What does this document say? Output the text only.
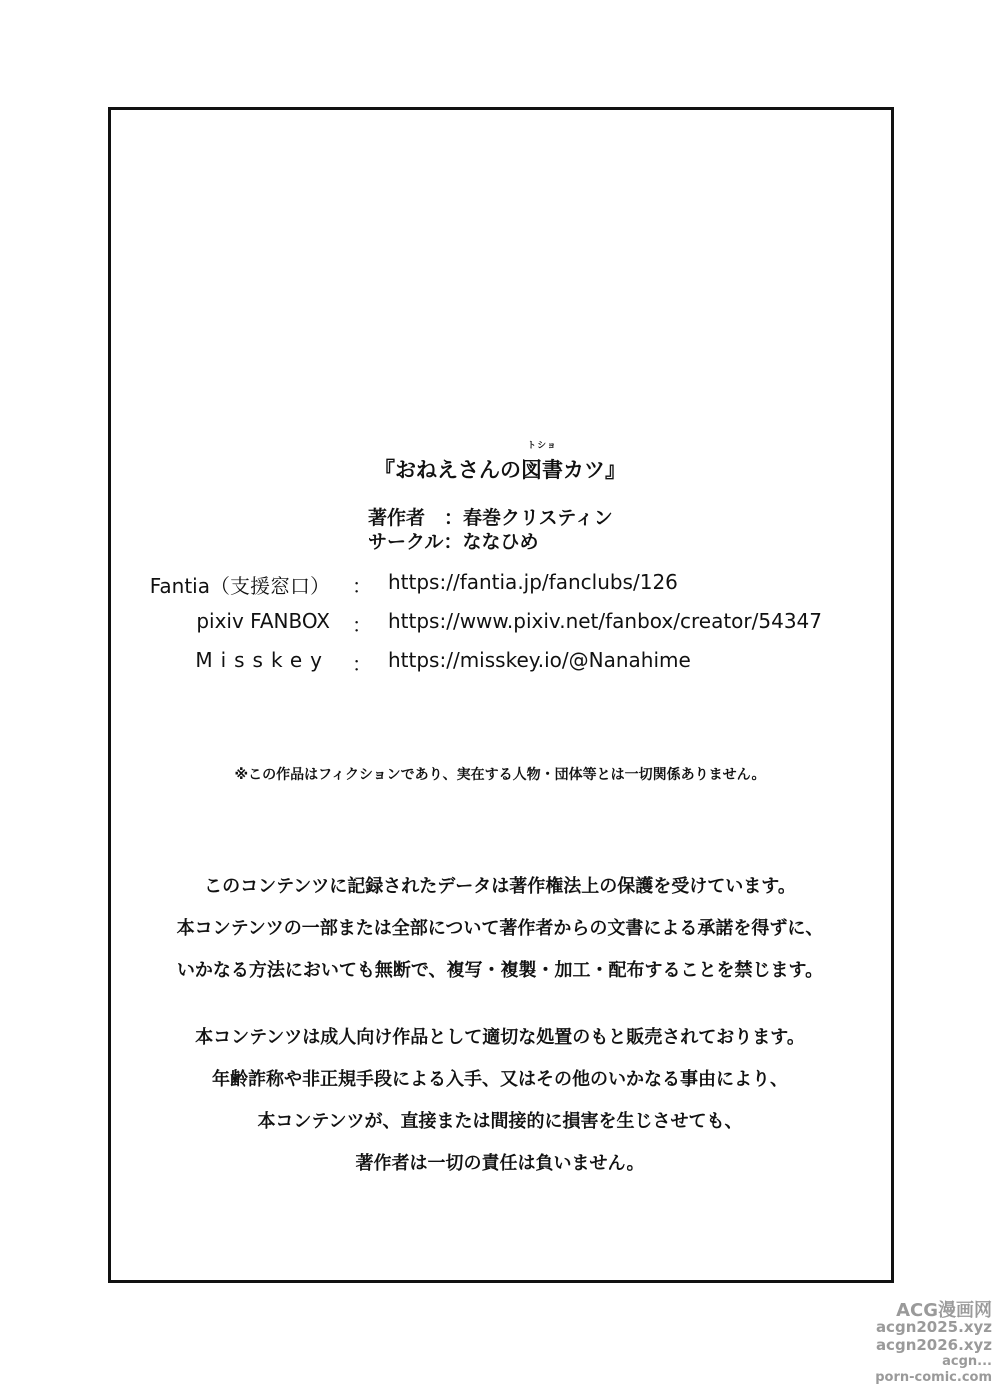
『おねえさんの
トショ
図書カツ』
著作者　：春巻クリスティン
サークル：ななひめ
Fantia（支援窓口） ： https://fantia.jp/fanclubs/126
pixiv FANBOX ： https://www.pixiv.net/fanbox/creator/54347
Misskey ： https://misskey.io/@Nanahime
※この作品はフィクションであり、実在する人物・団体等とは一切関係ありません。
このコンテンツに記録されたデータは著作権法上の保護を受けています。
本コンテンツの一部または全部について著作者からの文書による承諾を得ずに、
いかなる方法においても無断で、複写・複製・加工・配布することを禁じます。
本コンテンツは成人向け作品として適切な処置のもと販売されております。
年齢詐称や非正規手段による入手、又はその他のいかなる事由により、
本コンテンツが、直接または間接的に損害を生じさせても、
著作者は一切の責任は負いません。
ACG漫画网
acgn2025.xyz
acgn2026.xyz
acgn...
porn-comic.com
